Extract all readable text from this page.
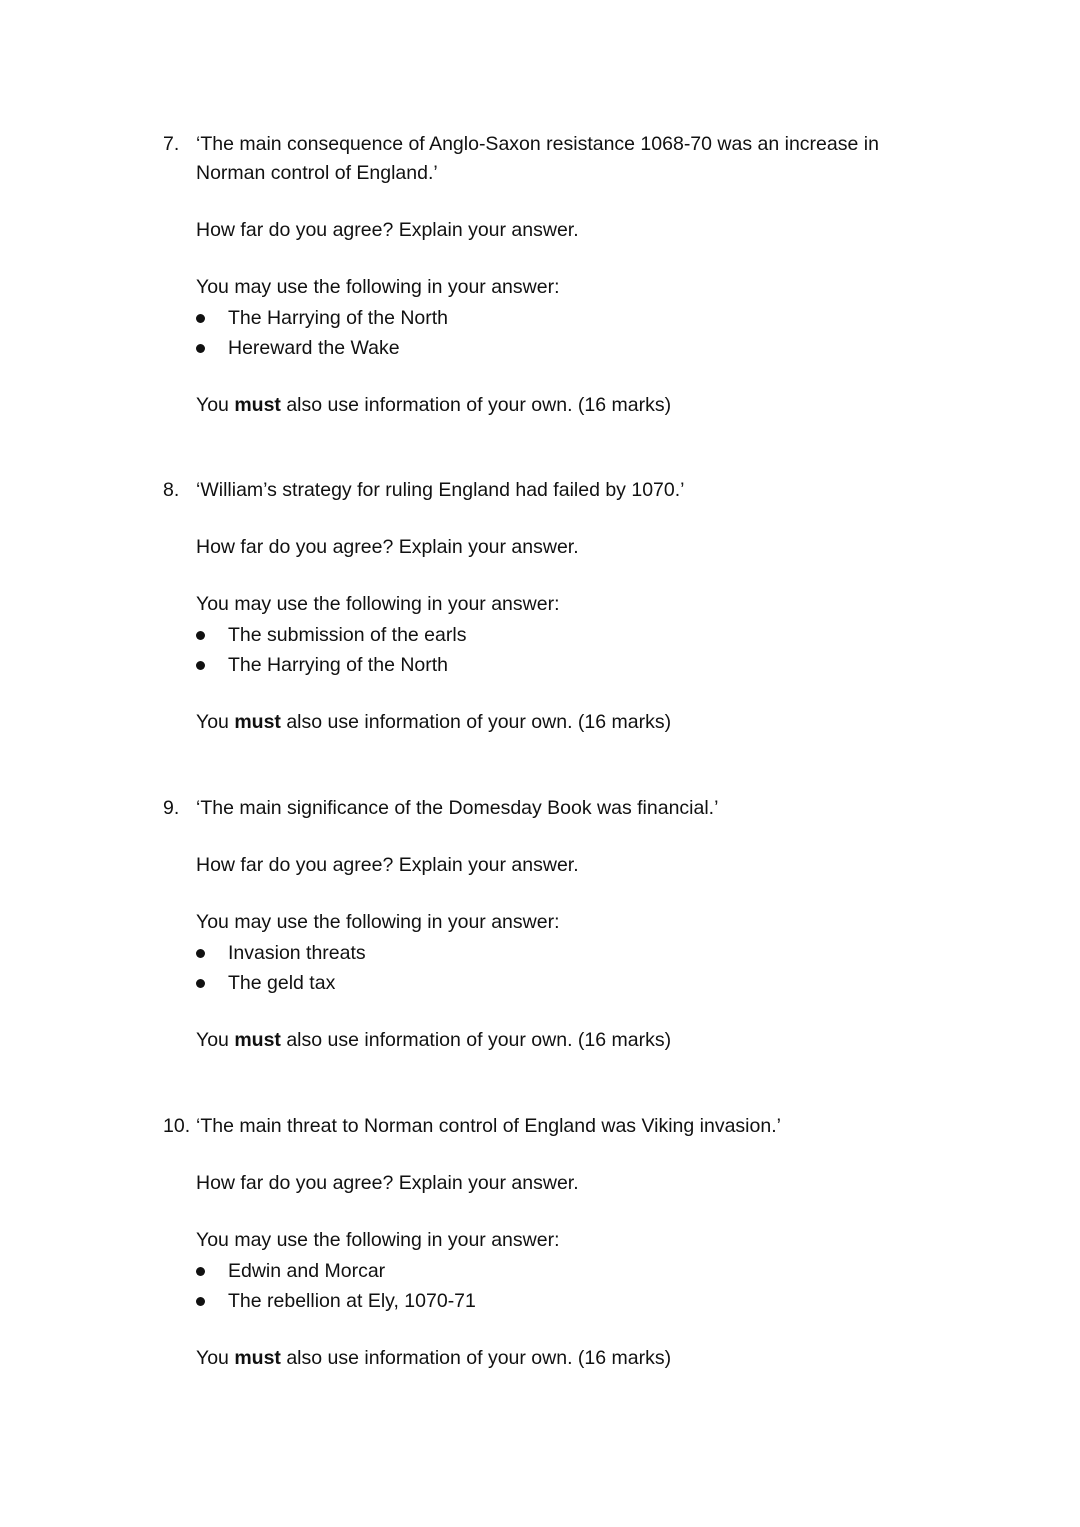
7. ‘The main consequence of Anglo-Saxon resistance 1068-70 was an increase in Norman control of England.’
How far do you agree? Explain your answer.
You may use the following in your answer:
The Harrying of the North
Hereward the Wake
You must also use information of your own. (16 marks)
8. ‘William’s strategy for ruling England had failed by 1070.’
How far do you agree? Explain your answer.
You may use the following in your answer:
The submission of the earls
The Harrying of the North
You must also use information of your own. (16 marks)
9. ‘The main significance of the Domesday Book was financial.’
How far do you agree? Explain your answer.
You may use the following in your answer:
Invasion threats
The geld tax
You must also use information of your own. (16 marks)
10. ‘The main threat to Norman control of England was Viking invasion.’
How far do you agree? Explain your answer.
You may use the following in your answer:
Edwin and Morcar
The rebellion at Ely, 1070-71
You must also use information of your own. (16 marks)
